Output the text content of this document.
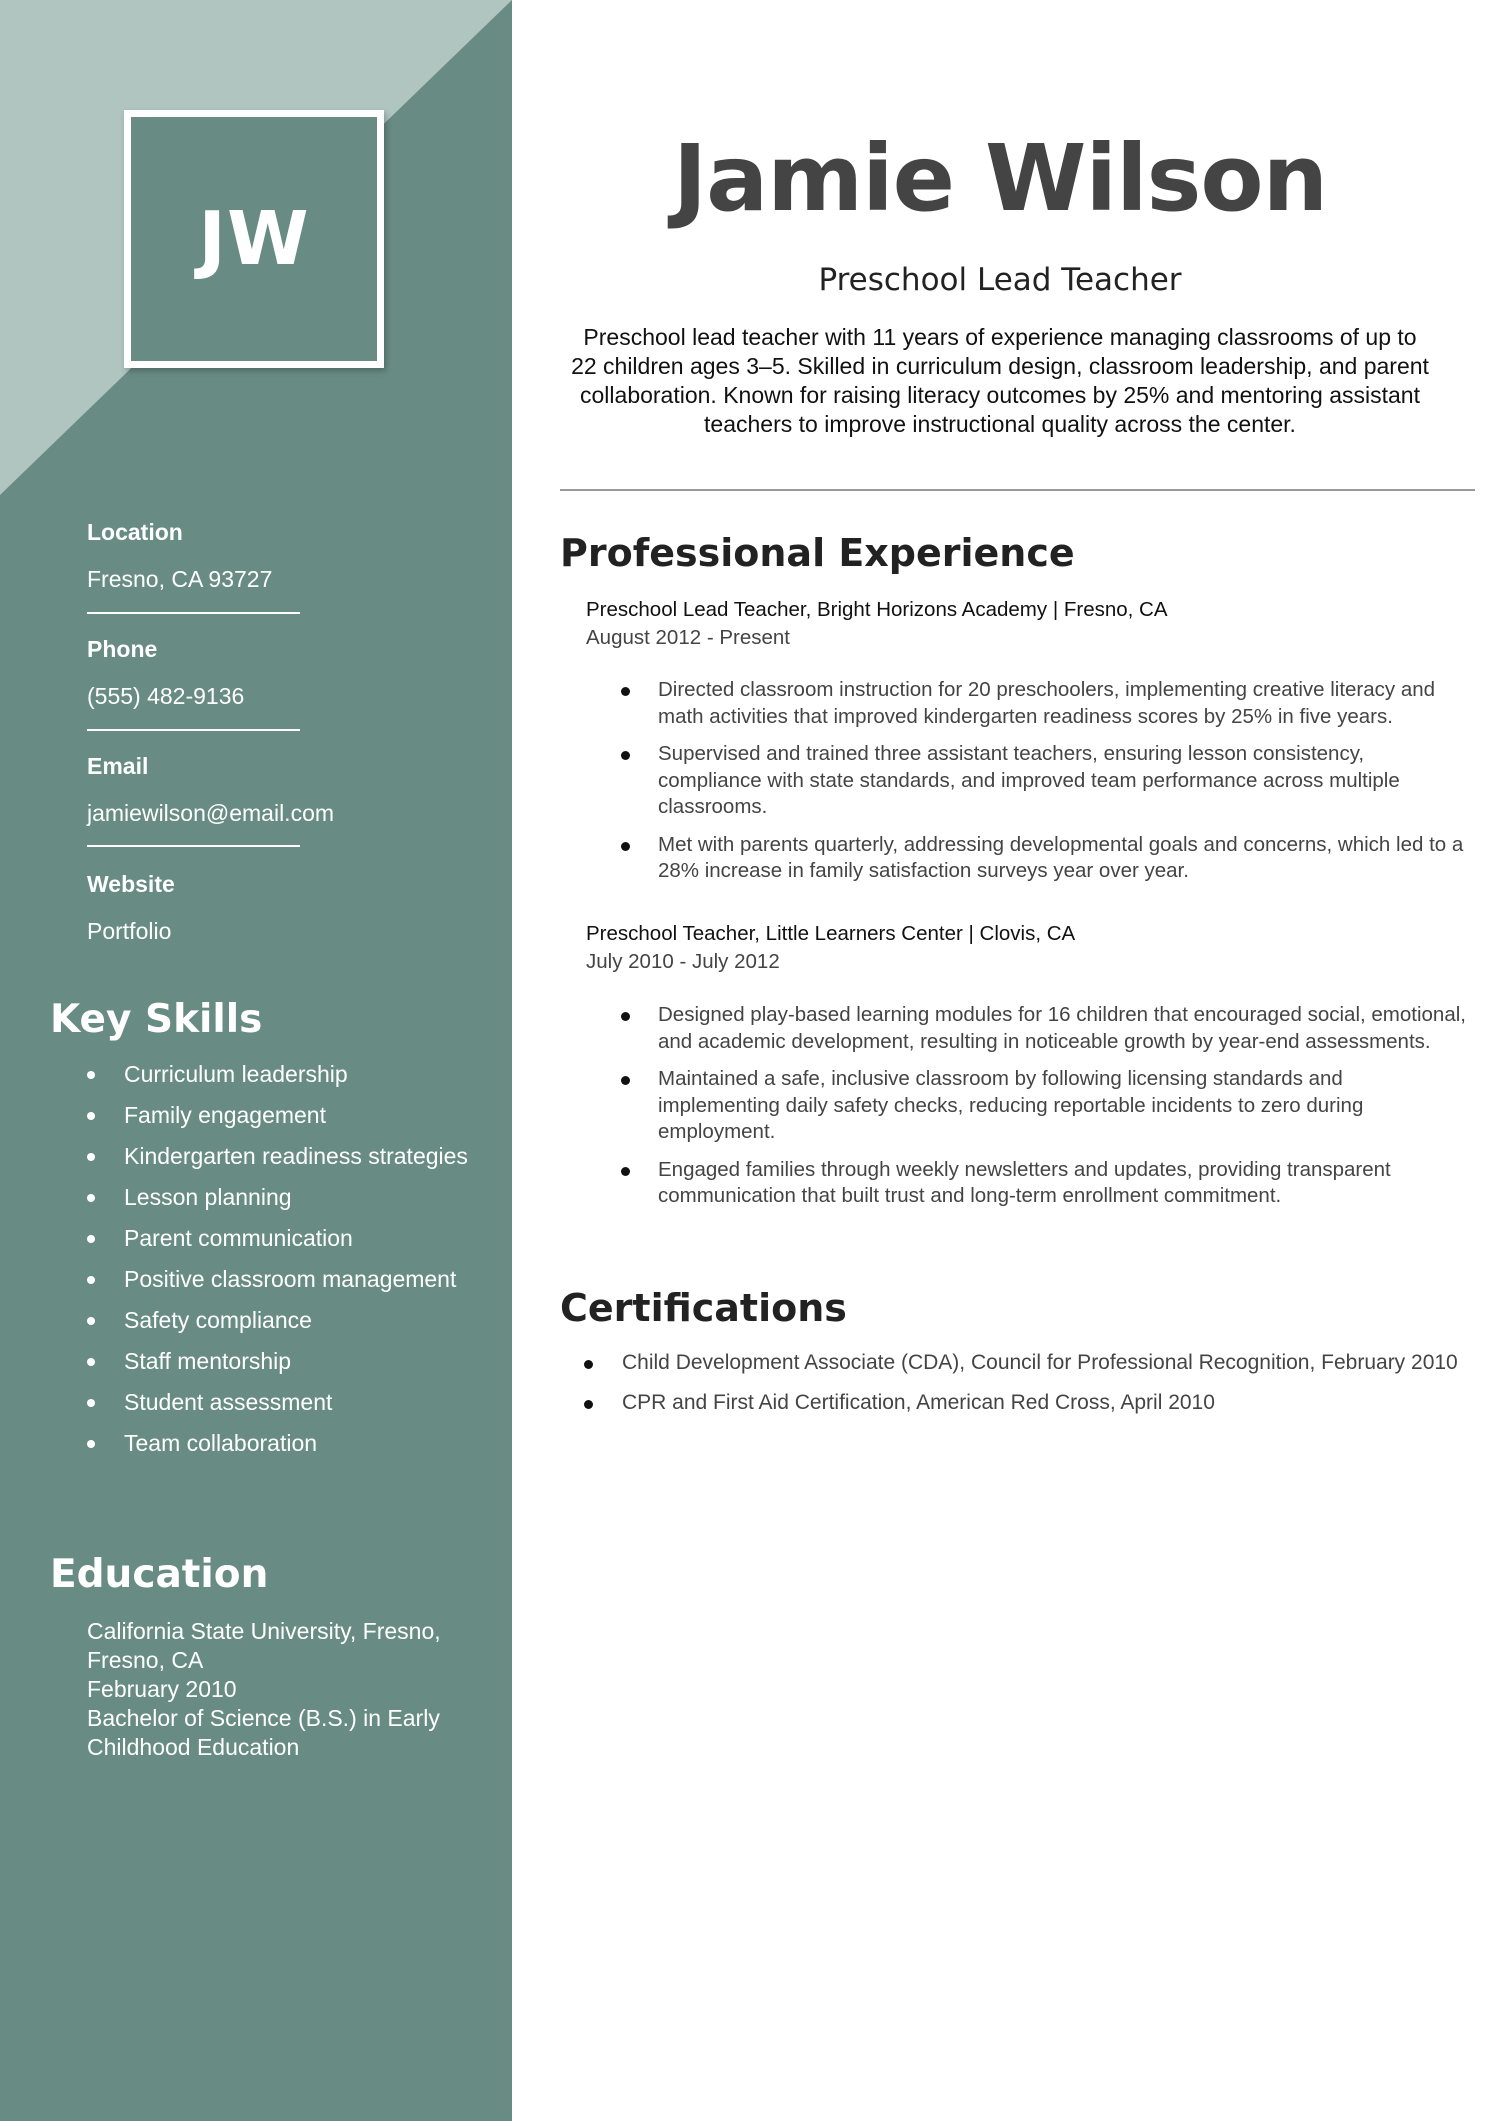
JW
Location
Fresno, CA 93727
Phone
(555) 482-9136
Email
jamiewilson@email.com
Website
Portfolio
Key Skills
Curriculum leadership
Family engagement
Kindergarten readiness strategies
Lesson planning
Parent communication
Positive classroom management
Safety compliance
Staff mentorship
Student assessment
Team collaboration
Education
California State University, Fresno, Fresno, CA
February 2010
Bachelor of Science (B.S.) in Early Childhood Education
Jamie Wilson
Preschool Lead Teacher
Preschool lead teacher with 11 years of experience managing classrooms of up to 22 children ages 3–5. Skilled in curriculum design, classroom leadership, and parent collaboration. Known for raising literacy outcomes by 25% and mentoring assistant teachers to improve instructional quality across the center.
Professional Experience
Preschool Lead Teacher, Bright Horizons Academy | Fresno, CA
August 2012 - Present
Directed classroom instruction for 20 preschoolers, implementing creative literacy and math activities that improved kindergarten readiness scores by 25% in five years.
Supervised and trained three assistant teachers, ensuring lesson consistency, compliance with state standards, and improved team performance across multiple classrooms.
Met with parents quarterly, addressing developmental goals and concerns, which led to a 28% increase in family satisfaction surveys year over year.
Preschool Teacher, Little Learners Center | Clovis, CA
July 2010 - July 2012
Designed play-based learning modules for 16 children that encouraged social, emotional, and academic development, resulting in noticeable growth by year-end assessments.
Maintained a safe, inclusive classroom by following licensing standards and implementing daily safety checks, reducing reportable incidents to zero during employment.
Engaged families through weekly newsletters and updates, providing transparent communication that built trust and long-term enrollment commitment.
Certifications
Child Development Associate (CDA), Council for Professional Recognition, February 2010
CPR and First Aid Certification, American Red Cross, April 2010
